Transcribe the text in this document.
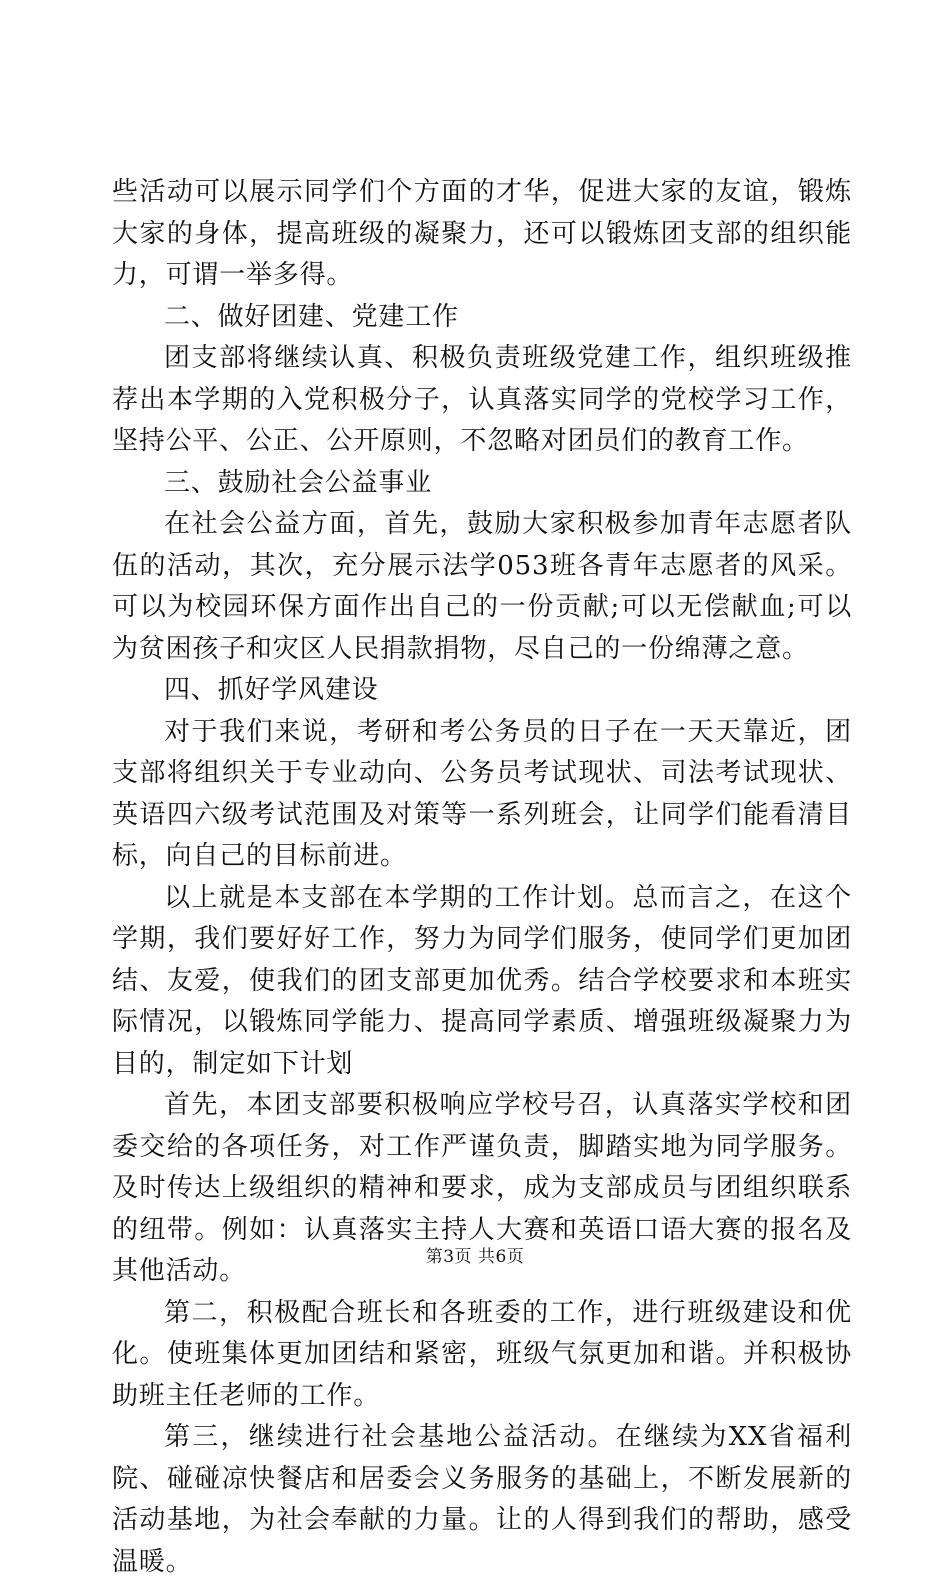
些活动可以展示同学们个方面的才华，促进大家的友谊，锻炼大家的身体，提高班级的凝聚力，还可以锻炼团支部的组织能力，可谓一举多得。

二、做好团建、党建工作

团支部将继续认真、积极负责班级党建工作，组织班级推荐出本学期的入党积极分子，认真落实同学的党校学习工作，坚持公平、公正、公开原则，不忽略对团员们的教育工作。

三、鼓励社会公益事业

在社会公益方面，首先，鼓励大家积极参加青年志愿者队伍的活动，其次，充分展示法学053班各青年志愿者的风采。可以为校园环保方面作出自己的一份贡献;可以无偿献血;可以为贫困孩子和灾区人民捐款捐物，尽自己的一份绵薄之意。

四、抓好学风建设

对于我们来说，考研和考公务员的日子在一天天靠近，团支部将组织关于专业动向、公务员考试现状、司法考试现状、英语四六级考试范围及对策等一系列班会，让同学们能看清目标，向自己的目标前进。

以上就是本支部在本学期的工作计划。总而言之，在这个学期，我们要好好工作，努力为同学们服务，使同学们更加团结、友爱，使我们的团支部更加优秀。结合学校要求和本班实际情况，以锻炼同学能力、提高同学素质、增强班级凝聚力为目的，制定如下计划

首先，本团支部要积极响应学校号召，认真落实学校和团委交给的各项任务，对工作严谨负责，脚踏实地为同学服务。及时传达上级组织的精神和要求，成为支部成员与团组织联系的纽带。例如：认真落实主持人大赛和英语口语大赛的报名及其他活动。

第二，积极配合班长和各班委的工作，进行班级建设和优化。使班集体更加团结和紧密，班级气氛更加和谐。并积极协助班主任老师的工作。

第三，继续进行社会基地公益活动。在继续为XX省福利院、碰碰凉快餐店和居委会义务服务的基础上，不断发展新的活动基地，为社会奉献的力量。让的人得到我们的帮助，感受温暖。

第3页 共6页
